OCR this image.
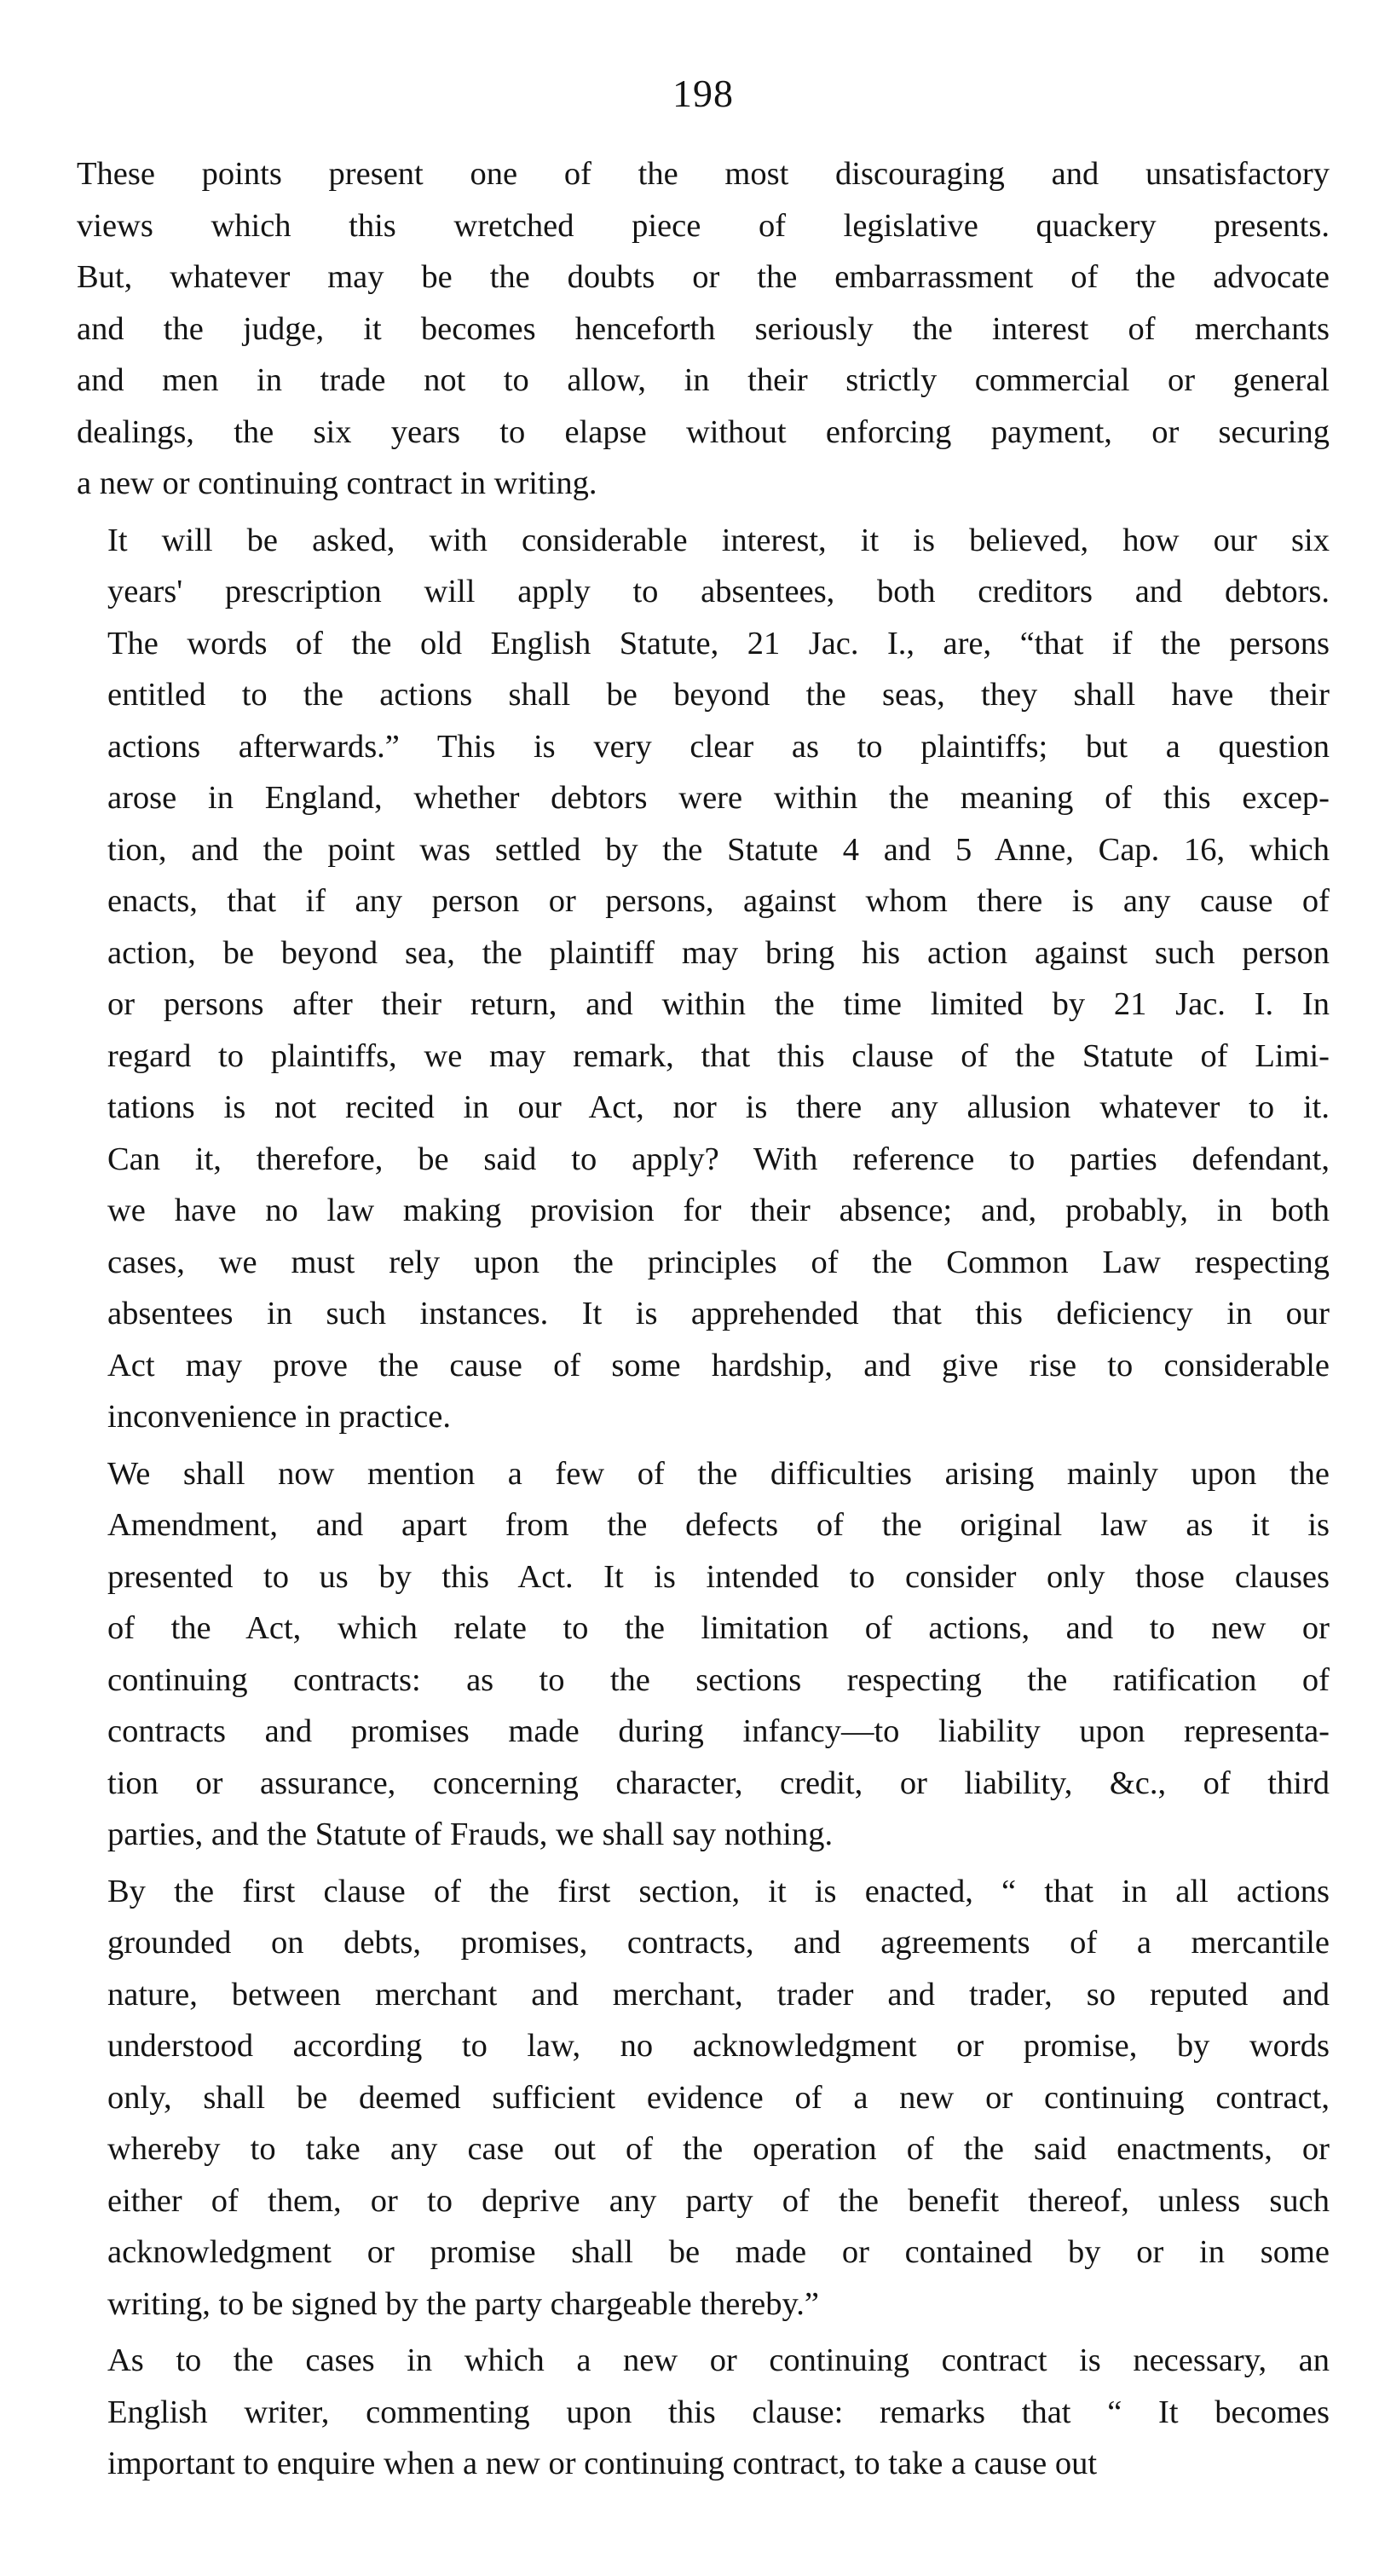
198
These points present one of the most discouraging and unsatisfactory
views which this wretched piece of legislative quackery presents.
But, whatever may be the doubts or the embarrassment of the advocate
and the judge, it becomes henceforth seriously the interest of merchants
and men in trade not to allow, in their strictly commercial or general
dealings, the six years to elapse without enforcing payment, or securing
a new or continuing contract in writing.
It will be asked, with considerable interest, it is believed, how our six
years' prescription will apply to absentees, both creditors and debtors.
The words of the old English Statute, 21 Jac. I., are, “that if the persons
entitled to the actions shall be beyond the seas, they shall have their
actions afterwards.” This is very clear as to plaintiffs; but a question
arose in England, whether debtors were within the meaning of this excep-
tion, and the point was settled by the Statute 4 and 5 Anne, Cap. 16, which
enacts, that if any person or persons, against whom there is any cause of
action, be beyond sea, the plaintiff may bring his action against such person
or persons after their return, and within the time limited by 21 Jac. I. In
regard to plaintiffs, we may remark, that this clause of the Statute of Limi-
tations is not recited in our Act, nor is there any allusion whatever to it.
Can it, therefore, be said to apply? With reference to parties defendant,
we have no law making provision for their absence; and, probably, in both
cases, we must rely upon the principles of the Common Law respecting
absentees in such instances. It is apprehended that this deficiency in our
Act may prove the cause of some hardship, and give rise to considerable
inconvenience in practice.
We shall now mention a few of the difficulties arising mainly upon the
Amendment, and apart from the defects of the original law as it is
presented to us by this Act. It is intended to consider only those clauses
of the Act, which relate to the limitation of actions, and to new or
continuing contracts: as to the sections respecting the ratification of
contracts and promises made during infancy—to liability upon representa-
tion or assurance, concerning character, credit, or liability, &c., of third
parties, and the Statute of Frauds, we shall say nothing.
By the first clause of the first section, it is enacted, “ that in all actions
grounded on debts, promises, contracts, and agreements of a mercantile
nature, between merchant and merchant, trader and trader, so reputed and
understood according to law, no acknowledgment or promise, by words
only, shall be deemed sufficient evidence of a new or continuing contract,
whereby to take any case out of the operation of the said enactments, or
either of them, or to deprive any party of the benefit thereof, unless such
acknowledgment or promise shall be made or contained by or in some
writing, to be signed by the party chargeable thereby.”
As to the cases in which a new or continuing contract is necessary, an
English writer, commenting upon this clause: remarks that “ It becomes
important to enquire when a new or continuing contract, to take a cause out
